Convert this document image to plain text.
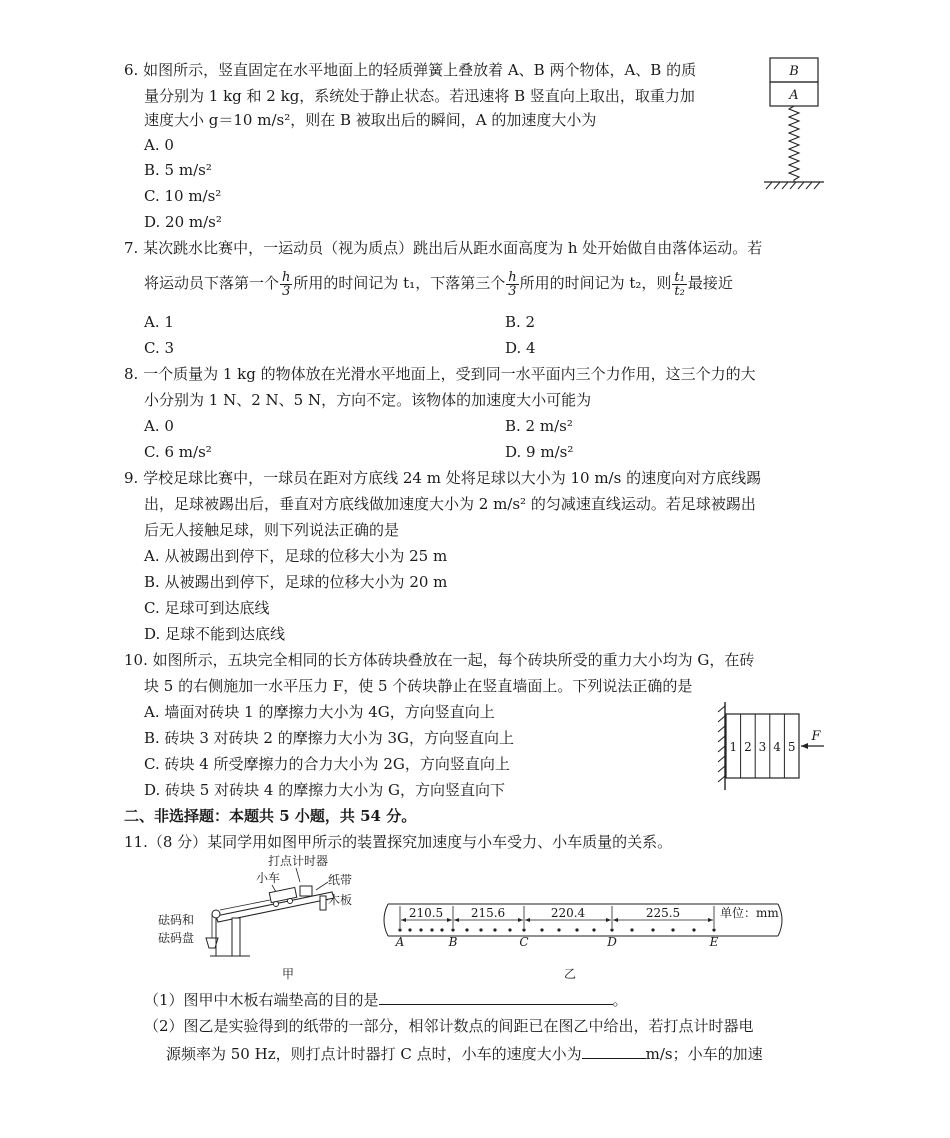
6. 如图所示，竖直固定在水平地面上的轻质弹簧上叠放着 A、B 两个物体，A、B 的质
量分别为 1 kg 和 2 kg，系统处于静止状态。若迅速将 B 竖直向上取出，取重力加
速度大小 g＝10 m/s²，则在 B 被取出后的瞬间，A 的加速度大小为
A. 0
B. 5 m/s²
C. 10 m/s²
D. 20 m/s²
B
A
7. 某次跳水比赛中，一运动员（视为质点）跳出后从距水面高度为 h 处开始做自由落体运动。若
将运动员下落第一个 $\frac{h}{3}$ 所用的时间记为 t₁，下落第三个 $\frac{h}{3}$ 所用的时间记为 t₂，则 $\frac{\text{t₁}}{\text{t₂}}$ 最接近
A. 1	B. 2
C. 3	D. 4
8. 一个质量为 1 kg 的物体放在光滑水平地面上，受到同一水平面内三个力作用，这三个力的大
小分别为 1 N、2 N、5 N，方向不定。该物体的加速度大小可能为
A. 0	B. 2 m/s²
C. 6 m/s²	D. 9 m/s²
9. 学校足球比赛中，一球员在距对方底线 24 m 处将足球以大小为 10 m/s 的速度向对方底线踢
出，足球被踢出后，垂直对方底线做加速度大小为 2 m/s² 的匀减速直线运动。若足球被踢出
后无人接触足球，则下列说法正确的是
A. 从被踢出到停下，足球的位移大小为 25 m
B. 从被踢出到停下，足球的位移大小为 20 m
C. 足球可到达底线
D. 足球不能到达底线
10. 如图所示，五块完全相同的长方体砖块叠放在一起，每个砖块所受的重力大小均为 G，在砖
块 5 的右侧施加一水平压力 F，使 5 个砖块静止在竖直墙面上。下列说法正确的是
A. 墙面对砖块 1 的摩擦力大小为 4G，方向竖直向上
B. 砖块 3 对砖块 2 的摩擦力大小为 3G，方向竖直向上
C. 砖块 4 所受摩擦力的合力大小为 2G，方向竖直向上
D. 砖块 5 对砖块 4 的摩擦力大小为 G，方向竖直向下
1 2 3 4 5
F
二、非选择题：本题共 5 小题，共 54 分。
11.（8 分）某同学用如图甲所示的装置探究加速度与小车受力、小车质量的关系。
打点计时器
小车	纸带
木板
砝码和
砝码盘
甲
210.5 215.6	220.4	225.5	单位：mm
A	B	C	D	E
乙
（1）图甲中木板右端垫高的目的是	。
（2）图乙是实验得到的纸带的一部分，相邻计数点的间距已在图乙中给出，若打点计时器电
源频率为 50 Hz，则打点计时器打 C 点时，小车的速度大小为	m/s；小车的加速
